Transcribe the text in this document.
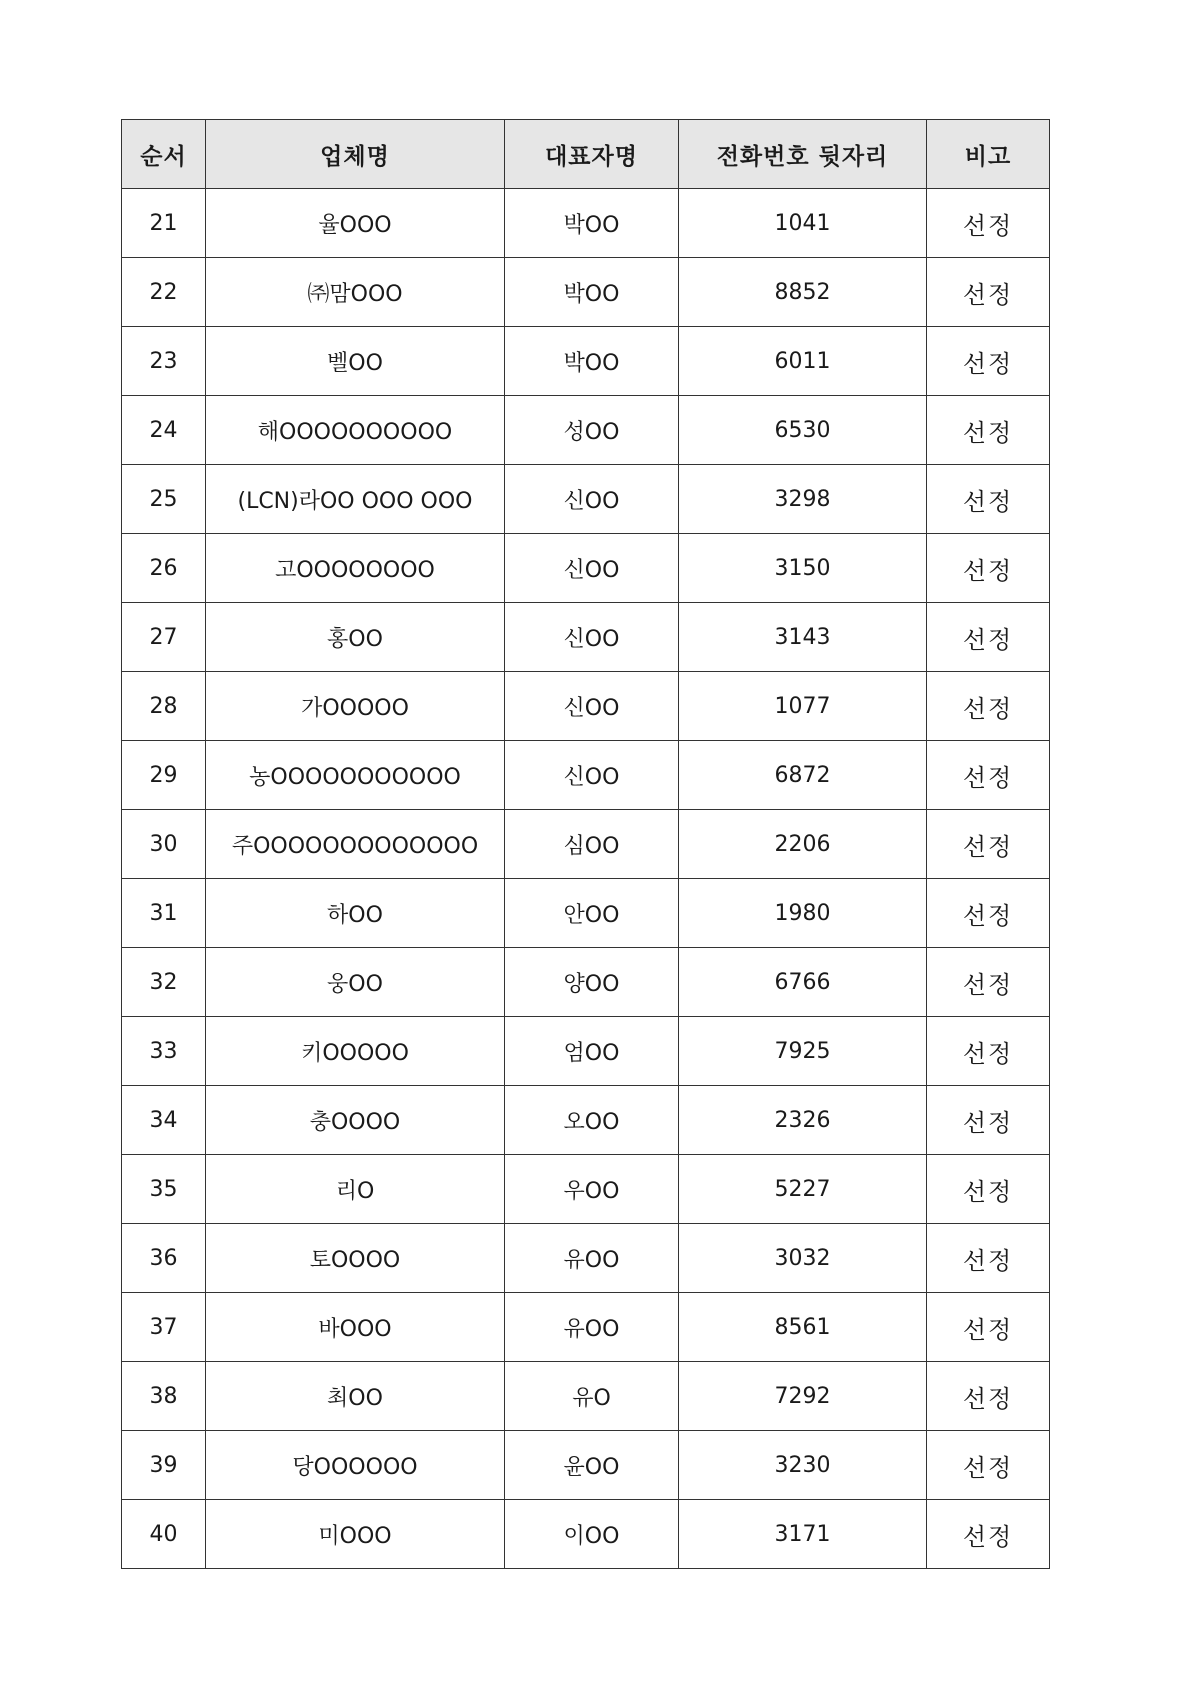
순서	업체명	대표자명	전화번호 뒷자리	비고
21	율OOO	박OO	1041	선정
22	㈜맘OOO	박OO	8852	선정
23	벨OO	박OO	6011	선정
24	해OOOOOOOOOO	성OO	6530	선정
25	(LCN)라OO OOO OOO	신OO	3298	선정
26	고OOOOOOOO	신OO	3150	선정
27	홍OO	신OO	3143	선정
28	가OOOOO	신OO	1077	선정
29	농OOOOOOOOOOO	신OO	6872	선정
30	주OOOOOOOOOOOOO	심OO	2206	선정
31	하OO	안OO	1980	선정
32	웅OO	양OO	6766	선정
33	키OOOOO	엄OO	7925	선정
34	충OOOO	오OO	2326	선정
35	리O	우OO	5227	선정
36	토OOOO	유OO	3032	선정
37	바OOO	유OO	8561	선정
38	최OO	유O	7292	선정
39	당OOOOOO	윤OO	3230	선정
40	미OOO	이OO	3171	선정
